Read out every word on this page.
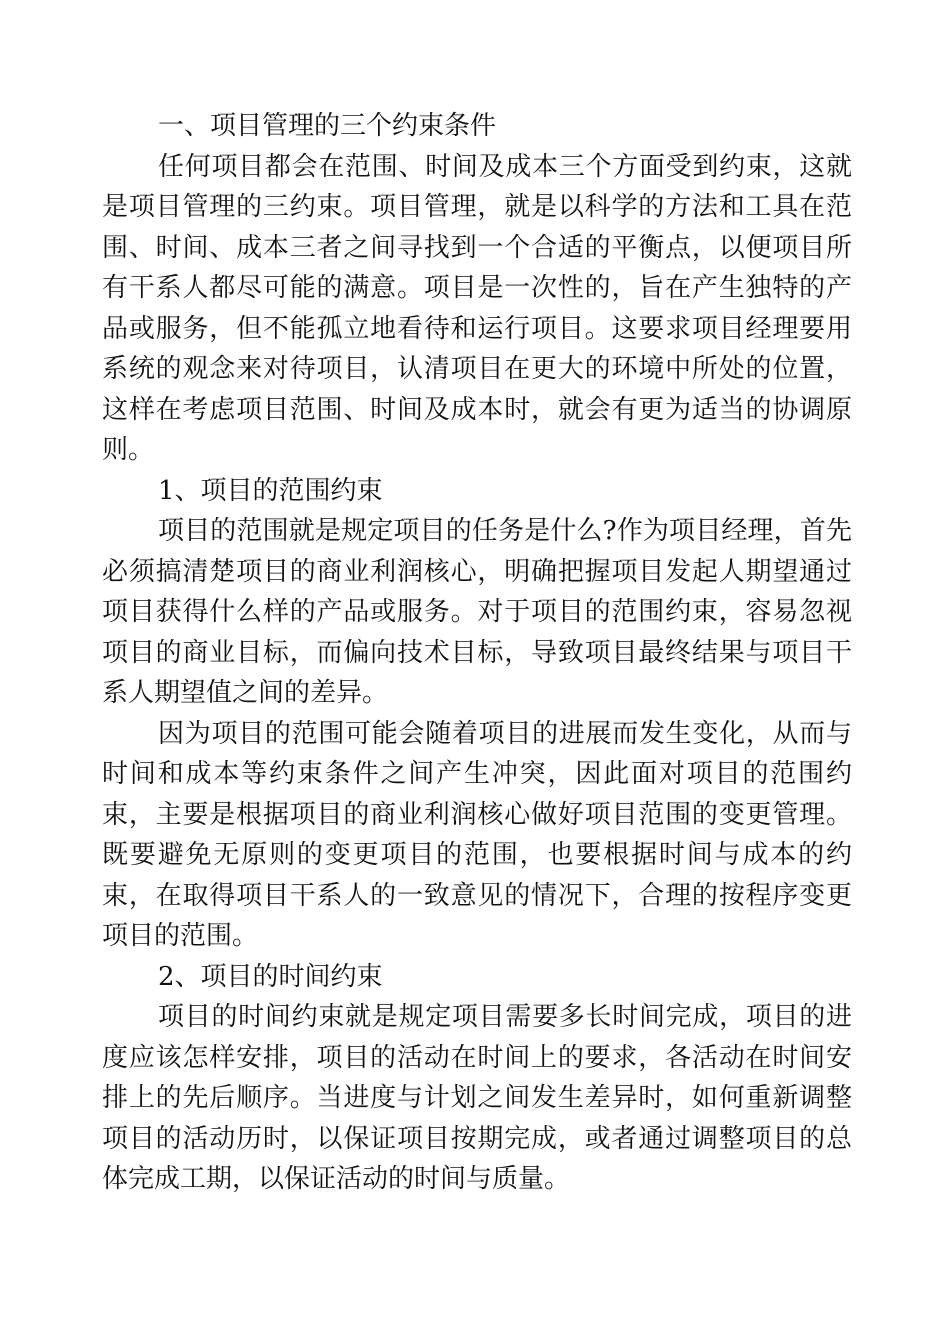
一、项目管理的三个约束条件

任何项目都会在范围、时间及成本三个方面受到约束，这就是项目管理的三约束。项目管理，就是以科学的方法和工具在范围、时间、成本三者之间寻找到一个合适的平衡点，以便项目所有干系人都尽可能的满意。项目是一次性的，旨在产生独特的产品或服务，但不能孤立地看待和运行项目。这要求项目经理要用系统的观念来对待项目，认清项目在更大的环境中所处的位置，这样在考虑项目范围、时间及成本时，就会有更为适当的协调原则。

1、项目的范围约束

项目的范围就是规定项目的任务是什么?作为项目经理，首先必须搞清楚项目的商业利润核心，明确把握项目发起人期望通过项目获得什么样的产品或服务。对于项目的范围约束，容易忽视项目的商业目标，而偏向技术目标，导致项目最终结果与项目干系人期望值之间的差异。

因为项目的范围可能会随着项目的进展而发生变化，从而与时间和成本等约束条件之间产生冲突，因此面对项目的范围约束，主要是根据项目的商业利润核心做好项目范围的变更管理。既要避免无原则的变更项目的范围，也要根据时间与成本的约束，在取得项目干系人的一致意见的情况下，合理的按程序变更项目的范围。

2、项目的时间约束

项目的时间约束就是规定项目需要多长时间完成，项目的进度应该怎样安排，项目的活动在时间上的要求，各活动在时间安排上的先后顺序。当进度与计划之间发生差异时，如何重新调整项目的活动历时，以保证项目按期完成，或者通过调整项目的总体完成工期，以保证活动的时间与质量。
